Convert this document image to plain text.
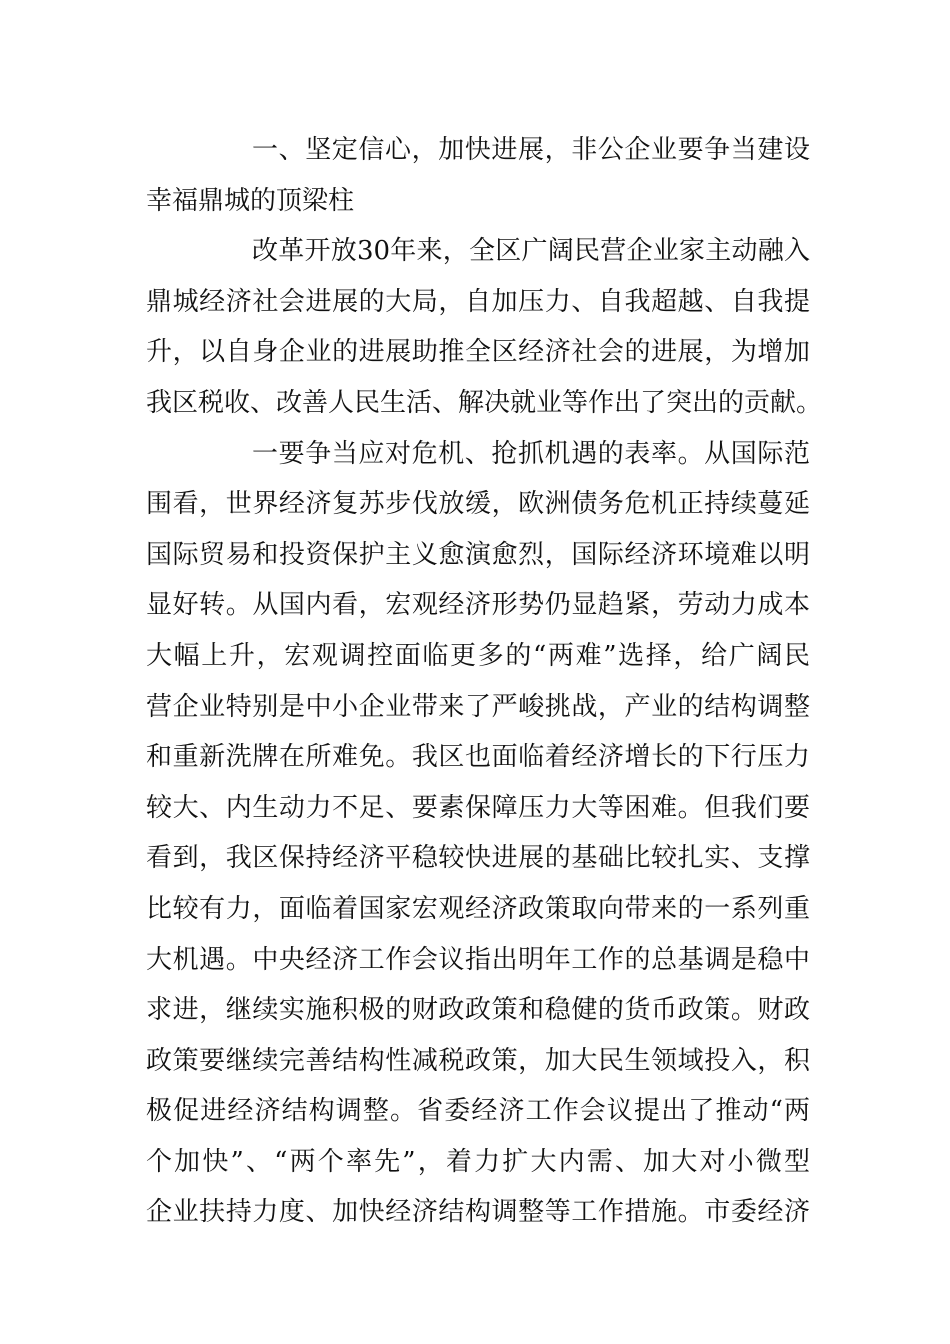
一、坚定信心，加快进展，非公企业要争当建设
幸福鼎城的顶梁柱
改革开放30年来，全区广阔民营企业家主动融入
鼎城经济社会进展的大局，自加压力、自我超越、自我提
升，以自身企业的进展助推全区经济社会的进展，为增加
我区税收、改善人民生活、解决就业等作出了突出的贡献。
一要争当应对危机、抢抓机遇的表率。从国际范
围看，世界经济复苏步伐放缓，欧洲债务危机正持续蔓延
国际贸易和投资保护主义愈演愈烈，国际经济环境难以明
显好转。从国内看，宏观经济形势仍显趋紧，劳动力成本
大幅上升，宏观调控面临更多的“两难”选择，给广阔民
营企业特别是中小企业带来了严峻挑战，产业的结构调整
和重新洗牌在所难免。我区也面临着经济增长的下行压力
较大、内生动力不足、要素保障压力大等困难。但我们要
看到，我区保持经济平稳较快进展的基础比较扎实、支撑
比较有力，面临着国家宏观经济政策取向带来的一系列重
大机遇。中央经济工作会议指出明年工作的总基调是稳中
求进，继续实施积极的财政政策和稳健的货币政策。财政
政策要继续完善结构性减税政策，加大民生领域投入，积
极促进经济结构调整。省委经济工作会议提出了推动“两
个加快”、“两个率先”，着力扩大内需、加大对小微型
企业扶持力度、加快经济结构调整等工作措施。市委经济
